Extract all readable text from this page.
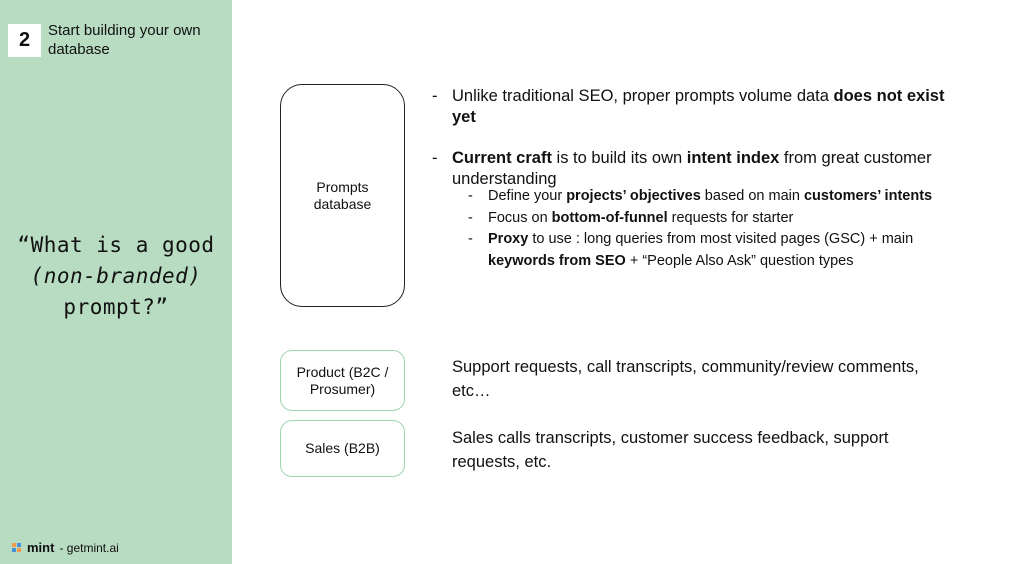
2	Start building your own database
“What is a good
(non-branded)
prompt?”
mint - getmint.ai
Prompts
database
Product (B2C /
Prosumer)
Sales (B2B)
- Unlike traditional SEO, proper prompts volume data does not exist yet
- Current craft is to build its own intent index from great customer understanding
- Define your projects’ objectives based on main customers’ intents
- Focus on bottom-of-funnel requests for starter
- Proxy to use : long queries from most visited pages (GSC) + main keywords from SEO + “People Also Ask” question types
Support requests, call transcripts, community/review comments, etc…
Sales calls transcripts, customer success feedback, support requests, etc.
